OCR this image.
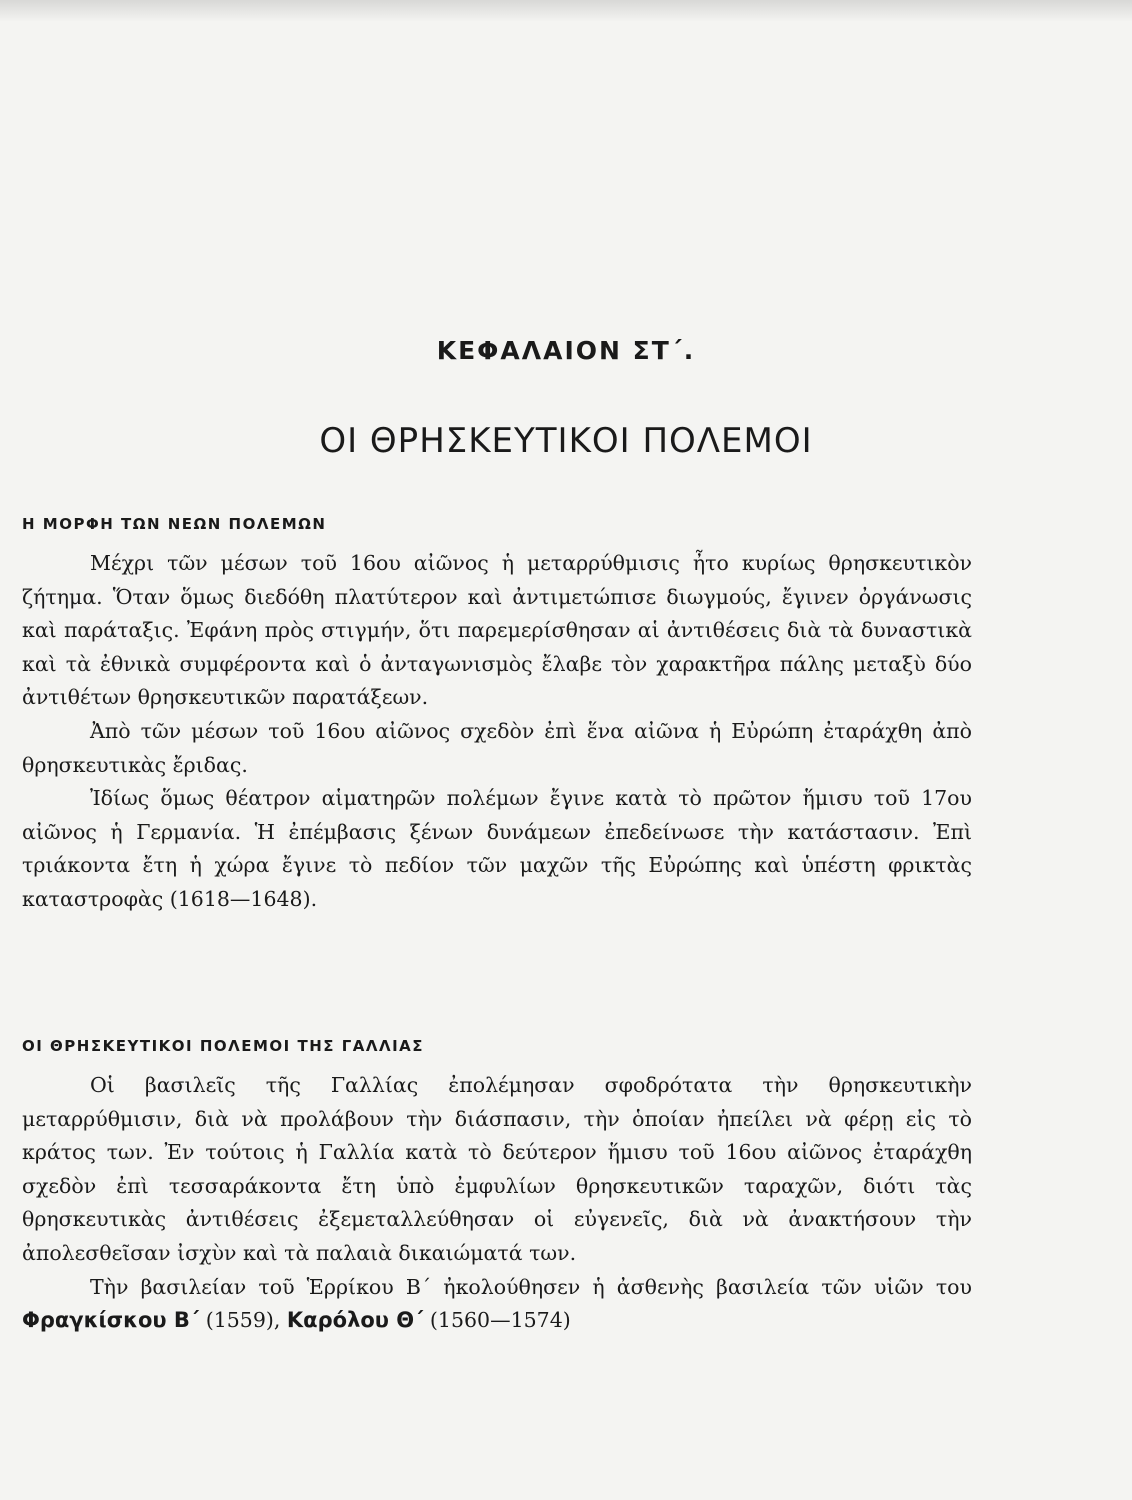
ΚΕΦΑΛΑΙΟΝ ΣΤ΄.
ΟΙ ΘΡΗΣΚΕΥΤΙΚΟΙ ΠΟΛΕΜΟΙ
Η ΜΟΡΦΗ ΤΩΝ ΝΕΩΝ ΠΟΛΕΜΩΝ

Μέχρι τῶν μέσων τοῦ 16ου αἰῶνος ἡ μεταρρύθμισις ἦτο κυρίως θρησκευτικὸν ζήτημα. Ὅταν ὅμως διεδόθη πλατύτερον καὶ ἀντιμετώπισε διωγμούς, ἔγινεν ὀργάνωσις καὶ παράταξις. Ἐφάνη πρὸς στιγμήν, ὅτι παρεμερίσθησαν αἱ ἀντιθέσεις διὰ τὰ δυναστικὰ καὶ τὰ ἐθνικὰ συμφέροντα καὶ ὁ ἀνταγωνισμὸς ἔλαβε τὸν χαρακτῆρα πάλης μεταξὺ δύο ἀντιθέτων θρησκευτικῶν παρατάξεων.

Ἀπὸ τῶν μέσων τοῦ 16ου αἰῶνος σχεδὸν ἐπὶ ἕνα αἰῶνα ἡ Εὐρώπη ἐταράχθη ἀπὸ θρησκευτικὰς ἔριδας.

Ἰδίως ὅμως θέατρον αἱματηρῶν πολέμων ἔγινε κατὰ τὸ πρῶτον ἥμισυ τοῦ 17ου αἰῶνος ἡ Γερμανία. Ἡ ἐπέμβασις ξένων δυνάμεων ἐπεδείνωσε τὴν κατάστασιν. Ἐπὶ τριάκοντα ἔτη ἡ χώρα ἔγινε τὸ πεδίον τῶν μαχῶν τῆς Εὐρώπης καὶ ὑπέστη φρικτὰς καταστροφὰς (1618—1648).

ΟΙ ΘΡΗΣΚΕΥΤΙΚΟΙ ΠΟΛΕΜΟΙ ΤΗΣ ΓΑΛΛΙΑΣ

Οἱ βασιλεῖς τῆς Γαλλίας ἐπολέμησαν σφοδρότατα τὴν θρησκευτικὴν μεταρρύθμισιν, διὰ νὰ προλάβουν τὴν διάσπασιν, τὴν ὁποίαν ἠπείλει νὰ φέρῃ εἰς τὸ κράτος των. Ἐν τούτοις ἡ Γαλλία κατὰ τὸ δεύτερον ἥμισυ τοῦ 16ου αἰῶνος ἐταράχθη σχεδὸν ἐπὶ τεσσαράκοντα ἔτη ὑπὸ ἐμφυλίων θρησκευτικῶν ταραχῶν, διότι τὰς θρησκευτικὰς ἀντιθέσεις ἐξεμεταλλεύθησαν οἱ εὐγενεῖς, διὰ νὰ ἀνακτήσουν τὴν ἀπολεσθεῖσαν ἰσχὺν καὶ τὰ παλαιὰ δικαιώματά των.

Τὴν βασιλείαν τοῦ Ἑρρίκου Β΄ ἠκολούθησεν ἡ ἀσθενὴς βασιλεία τῶν υἱῶν του Φραγκίσκου Β΄ (1559), Καρόλου Θ΄ (1560—1574)
